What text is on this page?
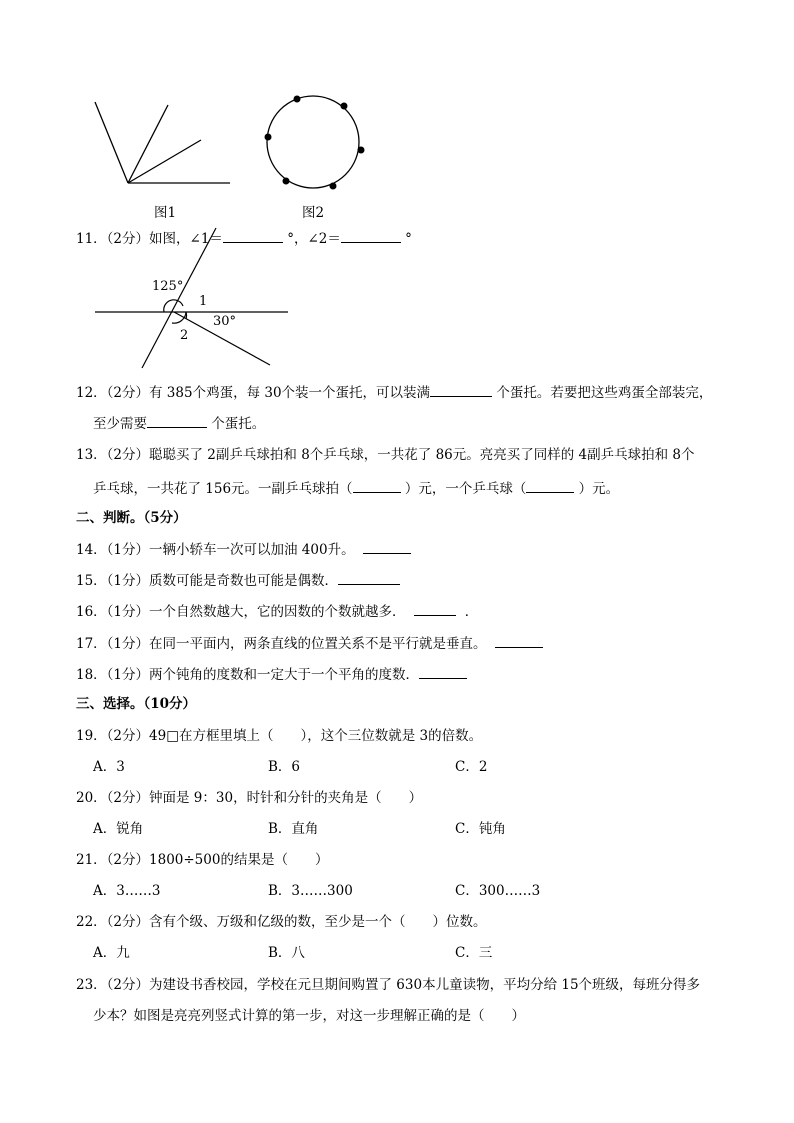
图1	图2
125°
1
30°
2
11．（2分）如图，∠1＝	°，∠2＝	°
12．（2分）有 385个鸡蛋，每 30个装一个蛋托，可以装满	个蛋托。若要把这些鸡蛋全部装完，
至少需要	个蛋托。
13．（2分）聪聪买了 2副乒乓球拍和 8个乒乓球，一共花了 86元。亮亮买了同样的 4副乒乓球拍和 8个
乒乓球，一共花了 156元。一副乒乓球拍（	）元，一个乒乓球（	）元。
二、判断。（5分）
14．（1分）一辆小轿车一次可以加油 400升。
15．（1分）质数可能是奇数也可能是偶数．
16．（1分）一个自然数越大，它的因数的个数就越多．	．
17．（1分）在同一平面内，两条直线的位置关系不是平行就是垂直。
18．（1分）两个钝角的度数和一定大于一个平角的度数．
三、选择。（10分）
19．（2分）49□在方框里填上（　　），这个三位数就是 3的倍数。
A．3	B．6	C．2
20．（2分）钟面是 9：30，时针和分针的夹角是（　　）
A．锐角	B．直角	C．钝角
21．（2分）1800÷500的结果是（　　）
A．3……3	B．3……300	C．300……3
22．（2分）含有个级、万级和亿级的数，至少是一个（　　）位数。
A．九	B．八	C．三
23．（2分）为建设书香校园，学校在元旦期间购置了 630本儿童读物，平均分给 15个班级，每班分得多
少本？如图是亮亮列竖式计算的第一步，对这一步理解正确的是（　　）
